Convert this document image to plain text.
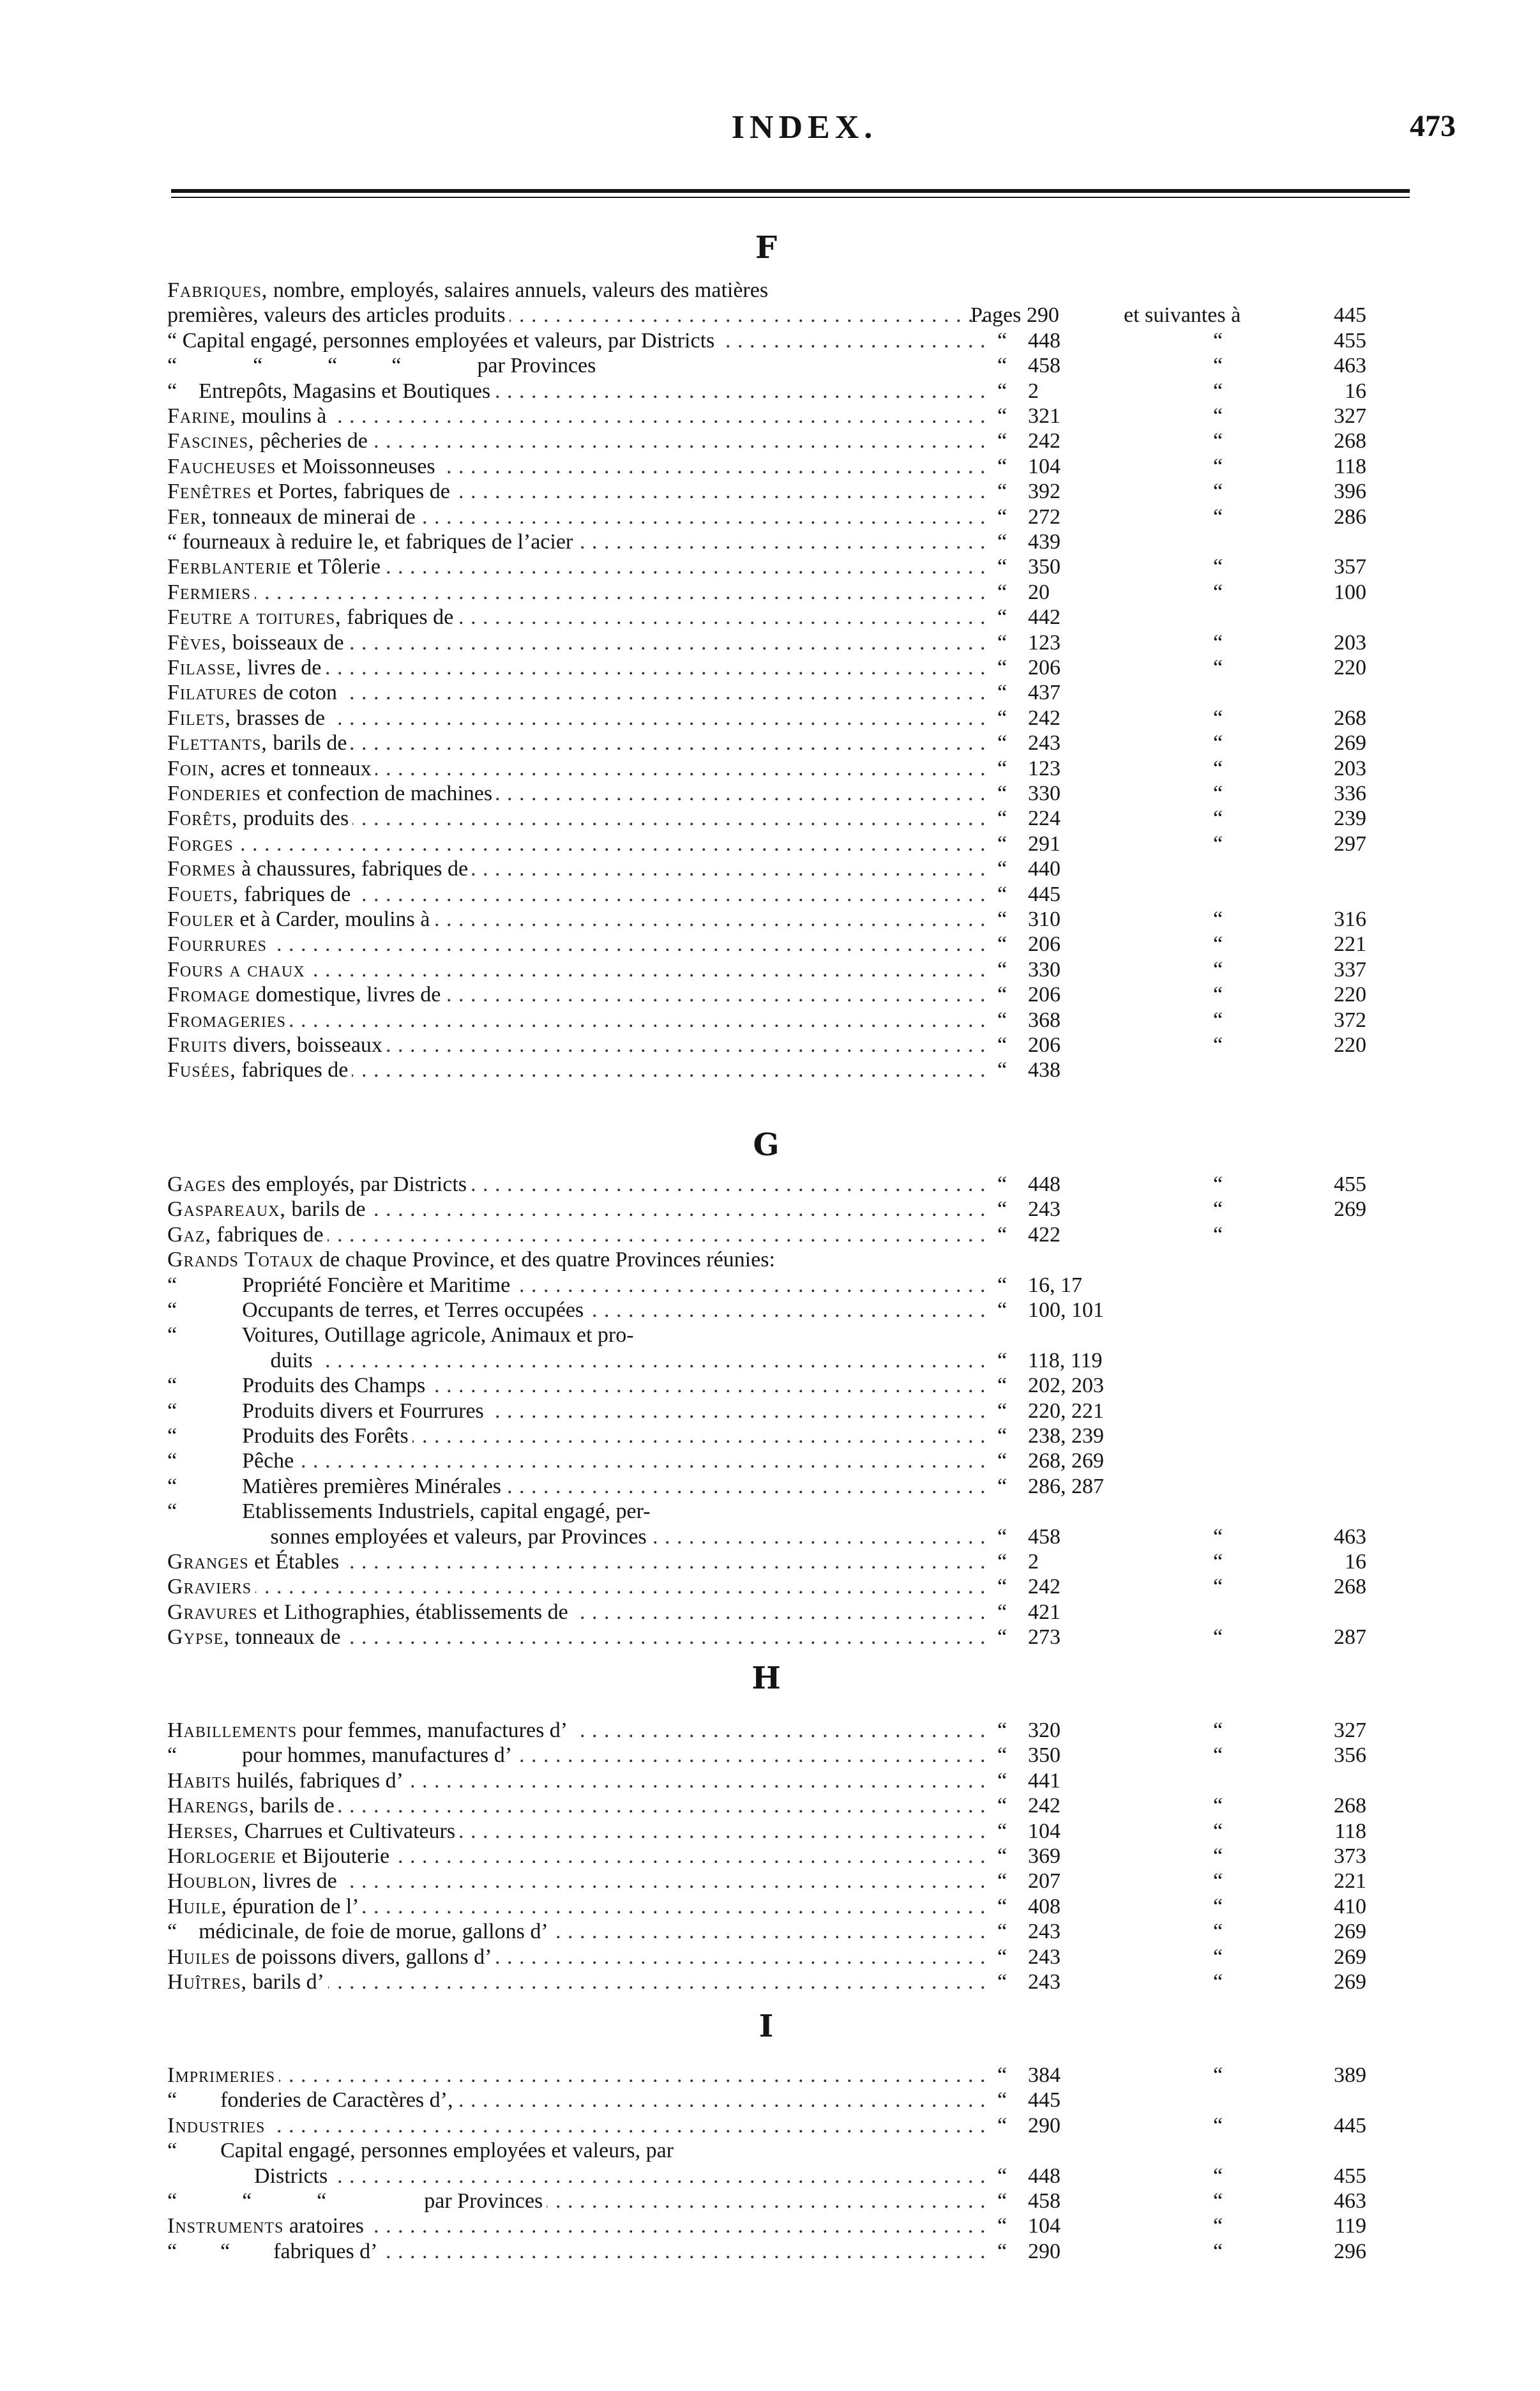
INDEX.	473
F
Fabriques, nombre, employés, salaires annuels, valeurs des matières
premières, valeurs des articles produits . . .	Pages 290	et suivantes à	445
“ Capital engagé, personnes employées et valeurs, par Districts . . .	“ 448	“	455
“              “            “          “              par Provinces	“ 458	“	463
“    Entrepôts, Magasins et Boutiques . . .	“ 2	“	16
Farine, moulins à . . .	“ 321	“	327
Fascines, pêcheries de . . .	“ 242	“	268
Faucheuses et Moissonneuses . . .	“ 104	“	118
Fenêtres et Portes, fabriques de . . .	“ 392	“	396
Fer, tonneaux de minerai de . . .	“ 272	“	286
“ fourneaux à reduire le, et fabriques de l’acier . . .	“ 439
Ferblanterie et Tôlerie . . .	“ 350	“	357
Fermiers . . .	“ 20	“	100
Feutre a toitures, fabriques de . . .	“ 442
Fèves, boisseaux de . . .	“ 123	“	203
Filasse, livres de . . .	“ 206	“	220
Filatures de coton . . .	“ 437
Filets, brasses de . . .	“ 242	“	268
Flettants, barils de . . .	“ 243	“	269
Foin, acres et tonneaux . . .	“ 123	“	203
Fonderies et confection de machines . . .	“ 330	“	336
Forêts, produits des . . .	“ 224	“	239
Forges . . .	“ 291	“	297
Formes à chaussures, fabriques de . . .	“ 440
Fouets, fabriques de . . .	“ 445
Fouler et à Carder, moulins à . . .	“ 310	“	316
Fourrures . . .	“ 206	“	221
Fours a chaux . . .	“ 330	“	337
Fromage domestique, livres de . . .	“ 206	“	220
Fromageries . . .	“ 368	“	372
Fruits divers, boisseaux . . .	“ 206	“	220
Fusées, fabriques de . . .	“ 438
G
Gages des employés, par Districts . . .	“ 448	“	455
Gaspareaux, barils de . . .	“ 243	“	269
Gaz, fabriques de . . .	“ 422	“
Grands Totaux de chaque Province, et des quatre Provinces réunies:
“            Propriété Foncière et Maritime . . .	“ 16, 17
“            Occupants de terres, et Terres occupées . . .	“ 100, 101
“            Voitures, Outillage agricole, Animaux et pro-
duits . . .	“ 118, 119
“            Produits des Champs . . .	“ 202, 203
“            Produits divers et Fourrures . . .	“ 220, 221
“            Produits des Forêts . . .	“ 238, 239
“            Pêche . . .	“ 268, 269
“            Matières premières Minérales . . .	“ 286, 287
“            Etablissements Industriels, capital engagé, per-
sonnes employées et valeurs, par Provinces . . .	“ 458	“	463
Granges et Étables . . .	“ 2	“	16
Graviers . . .	“ 242	“	268
Gravures et Lithographies, établissements de . . .	“ 421
Gypse, tonneaux de . . .	“ 273	“	287
H
Habillements pour femmes, manufactures d’ . . .	“ 320	“	327
“            pour hommes, manufactures d’ . . .	“ 350	“	356
Habits huilés, fabriques d’ . . .	“ 441
Harengs, barils de . . .	“ 242	“	268
Herses, Charrues et Cultivateurs . . .	“ 104	“	118
Horlogerie et Bijouterie . . .	“ 369	“	373
Houblon, livres de . . .	“ 207	“	221
Huile, épuration de l’ . . .	“ 408	“	410
“    médicinale, de foie de morue, gallons d’ . . .	“ 243	“	269
Huiles de poissons divers, gallons d’ . . .	“ 243	“	269
Huîtres, barils d’ . . .	“ 243	“	269
I
Imprimeries . . .	“ 384	“	389
“        fonderies de Caractères d’, . . .	“ 445
Industries . . .	“ 290	“	445
“        Capital engagé, personnes employées et valeurs, par
Districts . . .	“ 448	“	455
“            “            “                  par Provinces . . .	“ 458	“	463
Instruments aratoires . . .	“ 104	“	119
“        “        fabriques d’ . . .	“ 290	“	296
